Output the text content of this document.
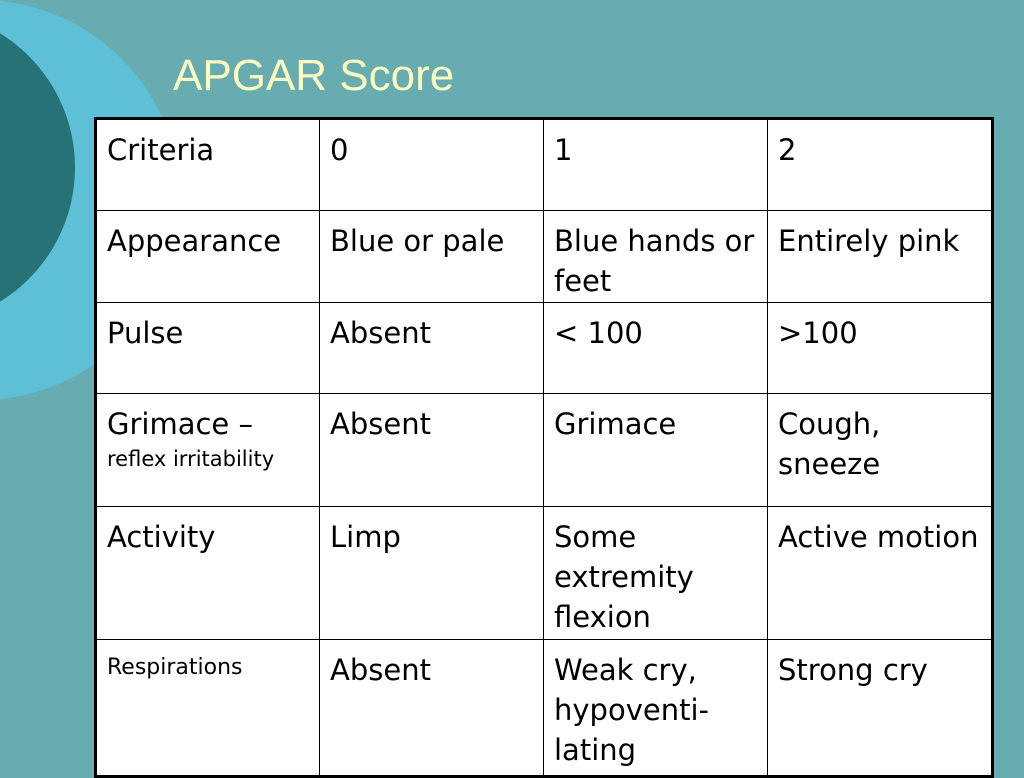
APGAR Score
Criteria	0	1	2
Appearance	Blue or pale	Blue hands or feet	Entirely pink
Pulse	Absent	< 100	>100
Grimace –
reflex irritability	Absent	Grimace	Cough, sneeze
Activity	Limp	Some extremity flexion	Active motion

Respirations	Absent	Weak cry, hypoventi-lating	Strong cry
